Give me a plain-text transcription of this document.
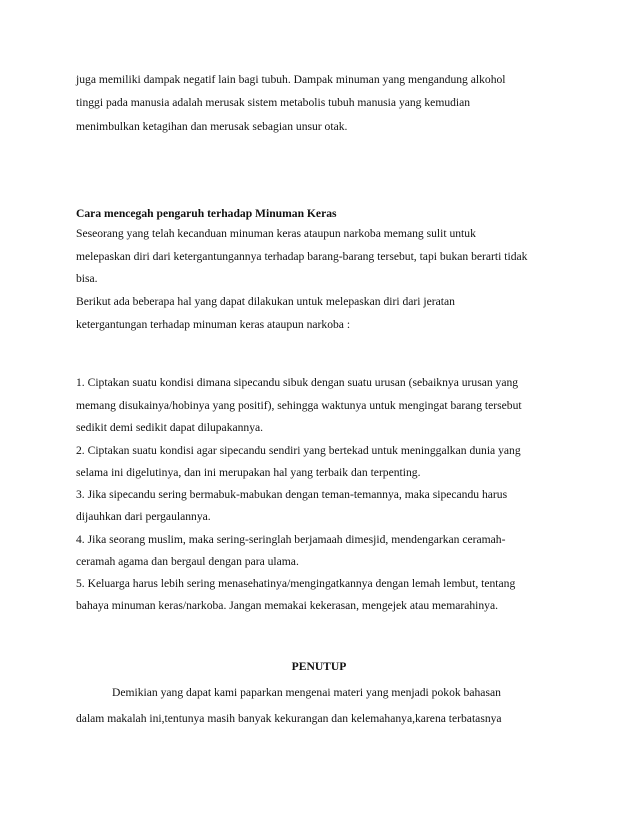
juga memiliki dampak negatif lain bagi tubuh. Dampak minuman yang mengandung alkohol
tinggi pada manusia adalah merusak sistem metabolis tubuh manusia yang kemudian
menimbulkan ketagihan dan merusak sebagian unsur otak.
Cara mencegah pengaruh terhadap Minuman Keras
Seseorang yang telah kecanduan minuman keras ataupun narkoba memang sulit untuk
melepaskan diri dari ketergantungannya terhadap barang-barang tersebut, tapi bukan berarti tidak
bisa.
Berikut ada beberapa hal yang dapat dilakukan untuk melepaskan diri dari jeratan
ketergantungan terhadap minuman keras ataupun narkoba :
1. Ciptakan suatu kondisi dimana sipecandu sibuk dengan suatu urusan (sebaiknya urusan yang
memang disukainya/hobinya yang positif), sehingga waktunya untuk mengingat barang tersebut
sedikit demi sedikit dapat dilupakannya.
2. Ciptakan suatu kondisi agar sipecandu sendiri yang bertekad untuk meninggalkan dunia yang
selama ini digelutinya, dan ini merupakan hal yang terbaik dan terpenting.
3. Jika sipecandu sering bermabuk-mabukan dengan teman-temannya, maka sipecandu harus
dijauhkan dari pergaulannya.
4. Jika seorang muslim, maka sering-seringlah berjamaah dimesjid, mendengarkan ceramah-
ceramah agama dan bergaul dengan para ulama.
5. Keluarga harus lebih sering menasehatinya/mengingatkannya dengan lemah lembut, tentang
bahaya minuman keras/narkoba. Jangan memakai kekerasan, mengejek atau memarahinya.
PENUTUP
Demikian yang dapat kami paparkan mengenai materi yang menjadi pokok bahasan
dalam makalah ini,tentunya masih banyak kekurangan dan kelemahanya,karena terbatasnya
